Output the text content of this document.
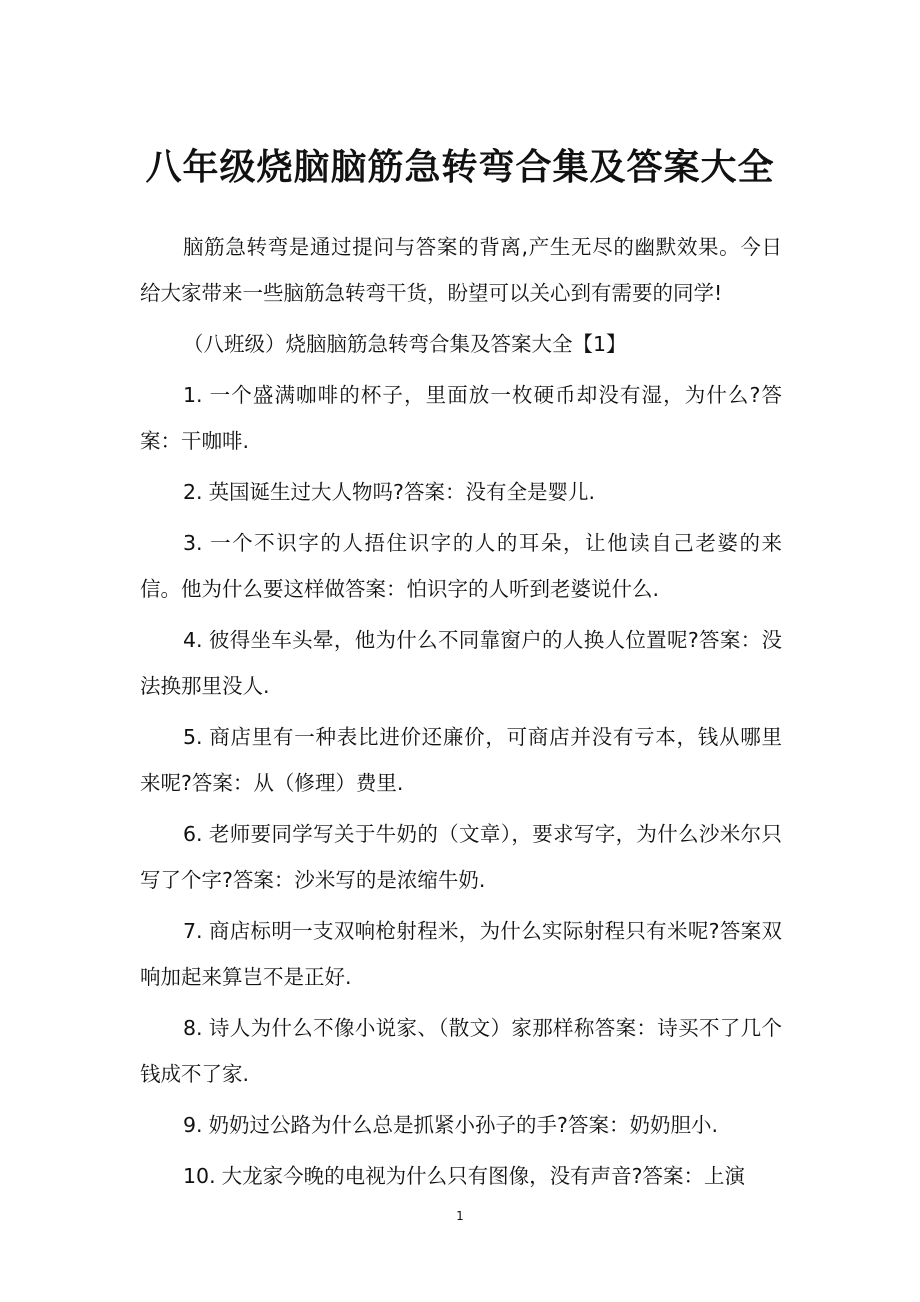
八年级烧脑脑筋急转弯合集及答案大全

脑筋急转弯是通过提问与答案的背离,产生无尽的幽默效果。今日给大家带来一些脑筋急转弯干货，盼望可以关心到有需要的同学!

（八班级）烧脑脑筋急转弯合集及答案大全【1】

1. 一个盛满咖啡的杯子，里面放一枚硬币却没有湿，为什么?答案：干咖啡.

2. 英国诞生过大人物吗?答案：没有全是婴儿.

3. 一个不识字的人捂住识字的人的耳朵，让他读自己老婆的来信。他为什么要这样做答案：怕识字的人听到老婆说什么.

4. 彼得坐车头晕，他为什么不同靠窗户的人换人位置呢?答案：没法换那里没人.

5. 商店里有一种表比进价还廉价，可商店并没有亏本，钱从哪里来呢?答案：从（修理）费里.

6. 老师要同学写关于牛奶的（文章），要求写字，为什么沙米尔只写了个字?答案：沙米写的是浓缩牛奶.

7. 商店标明一支双响枪射程米，为什么实际射程只有米呢?答案双响加起来算岂不是正好.

8. 诗人为什么不像小说家、（散文）家那样称答案：诗买不了几个钱成不了家.

9. 奶奶过公路为什么总是抓紧小孙子的手?答案：奶奶胆小.

10. 大龙家今晚的电视为什么只有图像，没有声音?答案：上演

1
